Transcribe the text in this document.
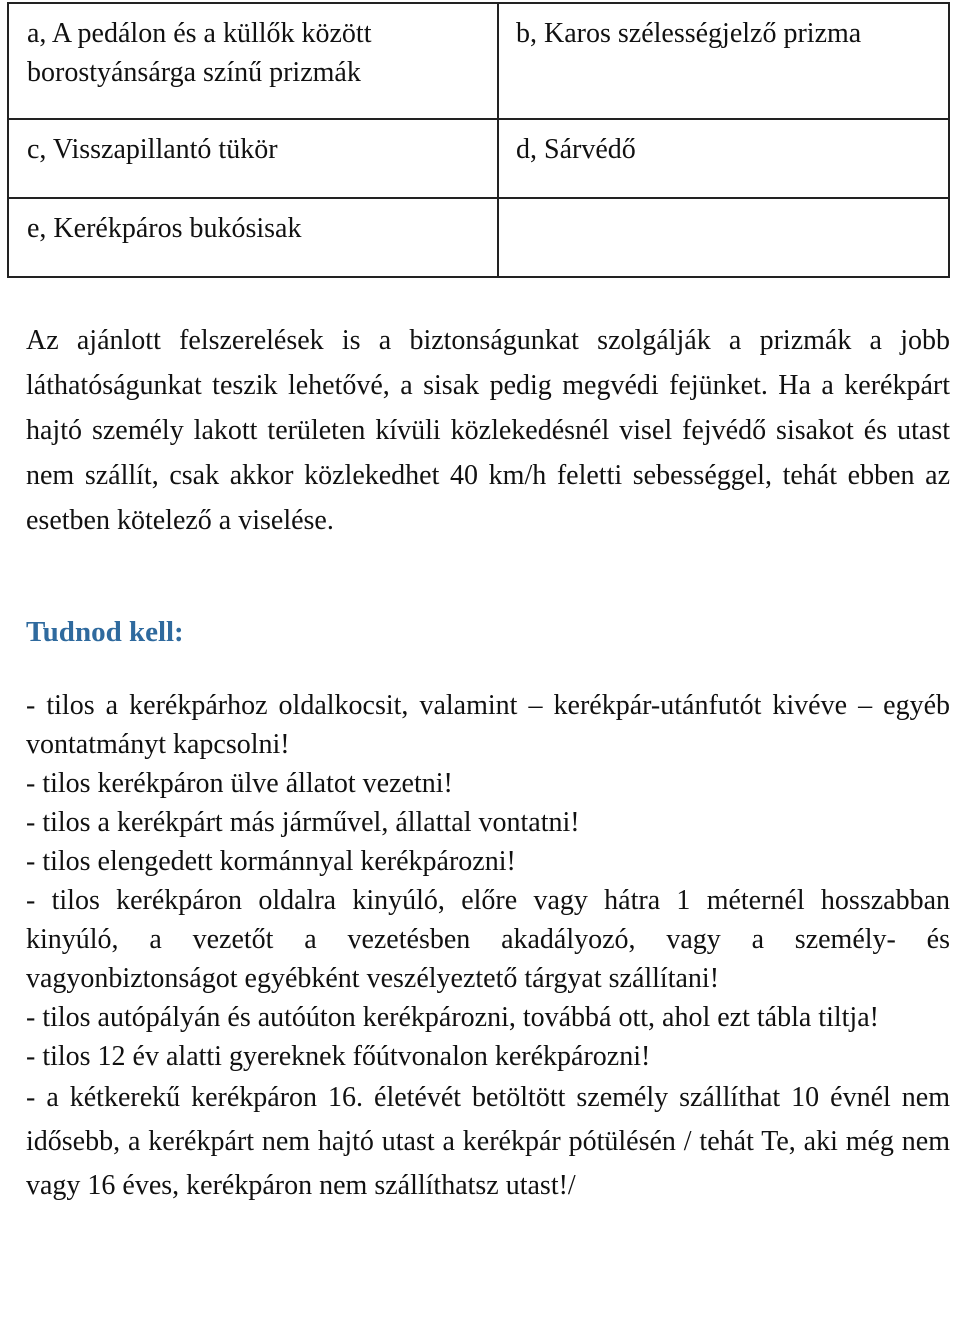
a, A pedálon és a küllők között borostyánsárga színű prizmák	b, Karos szélességjelző prizma
c, Visszapillantó tükör	d, Sárvédő
e, Kerékpáros bukósisak	

Az ajánlott felszerelések is a biztonságunkat szolgálják a prizmák a jobb láthatóságunkat teszik lehetővé, a sisak pedig megvédi fejünket. Ha a kerékpárt hajtó személy lakott területen kívüli közlekedésnél visel fejvédő sisakot és utast nem szállít, csak akkor közlekedhet 40 km/h feletti sebességgel, tehát ebben az esetben kötelező a viselése.

Tudnod kell:
- tilos a kerékpárhoz oldalkocsit, valamint – kerékpár-utánfutót kivéve – egyéb vontatmányt kapcsolni!
- tilos kerékpáron ülve állatot vezetni!
- tilos a kerékpárt más járművel, állattal vontatni!
- tilos elengedett kormánnyal kerékpározni!
- tilos kerékpáron oldalra kinyúló, előre vagy hátra 1 méternél hosszabban kinyúló, a vezetőt a vezetésben akadályozó, vagy a személy- és vagyonbiztonságot egyébként veszélyeztető tárgyat szállítani!
- tilos autópályán és autóúton kerékpározni, továbbá ott, ahol ezt tábla tiltja!
- tilos 12 év alatti gyereknek főútvonalon kerékpározni!
- a kétkerekű kerékpáron 16. életévét betöltött személy szállíthat 10 évnél nem idősebb, a kerékpárt nem hajtó utast a kerékpár pótülésén / tehát Te, aki még nem vagy 16 éves, kerékpáron nem szállíthatsz utast!/
